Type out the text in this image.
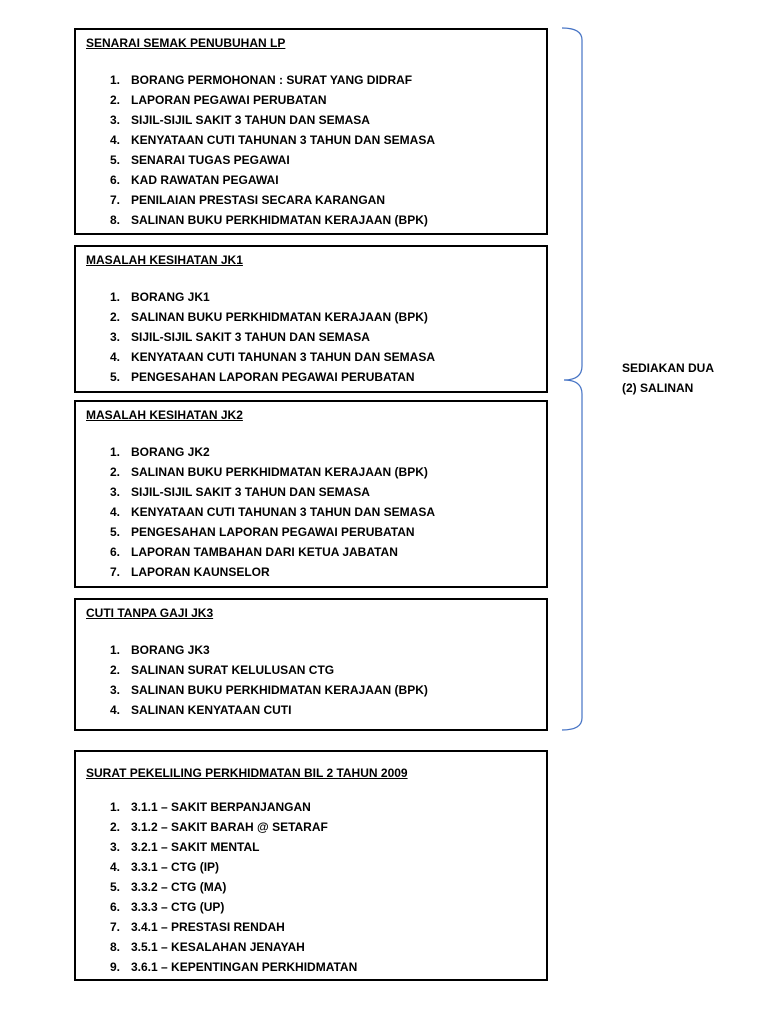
SENARAI SEMAK PENUBUHAN LP

1. BORANG PERMOHONAN : SURAT YANG DIDRAF
2. LAPORAN PEGAWAI PERUBATAN
3. SIJIL-SIJIL SAKIT 3 TAHUN DAN SEMASA
4. KENYATAAN CUTI TAHUNAN 3 TAHUN DAN SEMASA
5. SENARAI TUGAS PEGAWAI
6. KAD RAWATAN PEGAWAI
7. PENILAIAN PRESTASI SECARA KARANGAN
8. SALINAN BUKU PERKHIDMATAN KERAJAAN (BPK)

MASALAH KESIHATAN JK1

1. BORANG JK1
2. SALINAN BUKU PERKHIDMATAN KERAJAAN (BPK)
3. SIJIL-SIJIL SAKIT 3 TAHUN DAN SEMASA
4. KENYATAAN CUTI TAHUNAN 3 TAHUN DAN SEMASA
5. PENGESAHAN LAPORAN PEGAWAI PERUBATAN

MASALAH KESIHATAN JK2

1. BORANG JK2
2. SALINAN BUKU PERKHIDMATAN KERAJAAN (BPK)
3. SIJIL-SIJIL SAKIT 3 TAHUN DAN SEMASA
4. KENYATAAN CUTI TAHUNAN 3 TAHUN DAN SEMASA
5. PENGESAHAN LAPORAN PEGAWAI PERUBATAN
6. LAPORAN TAMBAHAN DARI KETUA JABATAN
7. LAPORAN KAUNSELOR

CUTI TANPA GAJI JK3

1. BORANG JK3
2. SALINAN SURAT KELULUSAN CTG
3. SALINAN BUKU PERKHIDMATAN KERAJAAN (BPK)
4. SALINAN KENYATAAN CUTI

SURAT PEKELILING PERKHIDMATAN BIL 2 TAHUN 2009

1. 3.1.1 – SAKIT BERPANJANGAN
2. 3.1.2 – SAKIT BARAH @ SETARAF
3. 3.2.1 – SAKIT MENTAL
4. 3.3.1 – CTG (IP)
5. 3.3.2 – CTG (MA)
6. 3.3.3 – CTG (UP)
7. 3.4.1 – PRESTASI RENDAH
8. 3.5.1 – KESALAHAN JENAYAH
9. 3.6.1 – KEPENTINGAN PERKHIDMATAN
SEDIAKAN DUA
(2) SALINAN
